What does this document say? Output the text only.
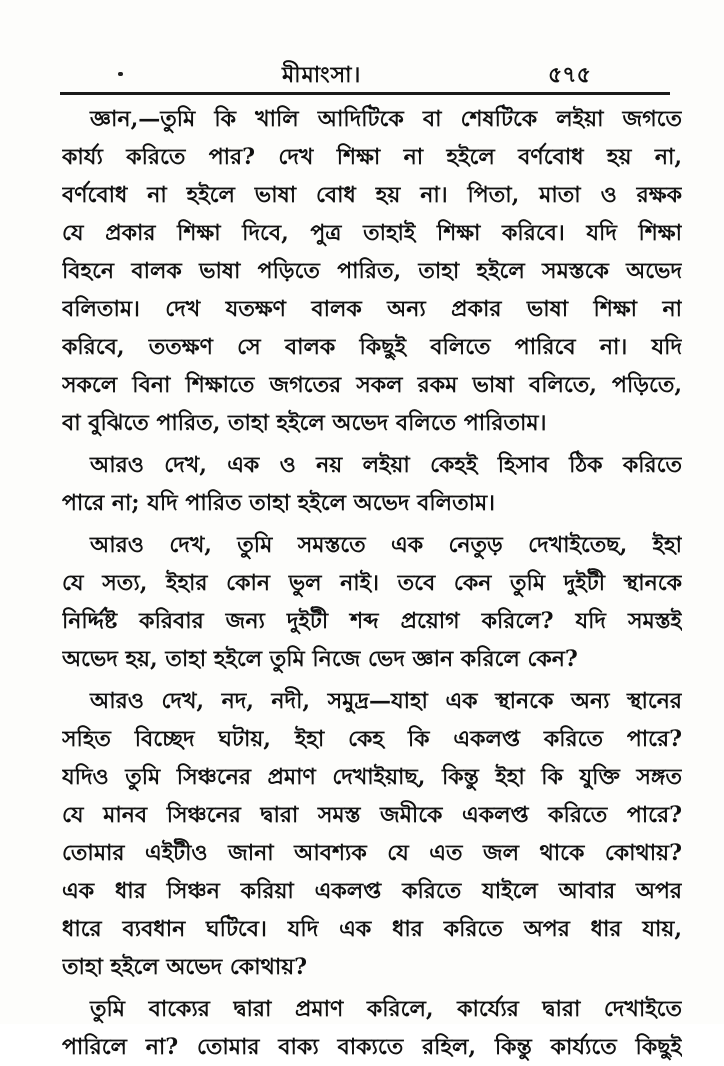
মীমাংসা।	৫৭৫
জ্ঞান,—তুমি কি খালি আদিটিকে বা শেষটিকে লইয়া জগতে
কার্য্য করিতে পার? দেখ শিক্ষা না হইলে বর্ণবোধ হয় না,
বর্ণবোধ না হইলে ভাষা বোধ হয় না। পিতা, মাতা ও রক্ষক
যে প্রকার শিক্ষা দিবে, পুত্র তাহাই শিক্ষা করিবে। যদি শিক্ষা
বিহনে বালক ভাষা পড়িতে পারিত, তাহা হইলে সমস্তকে অভেদ
বলিতাম। দেখ যতক্ষণ বালক অন্য প্রকার ভাষা শিক্ষা না
করিবে, ততক্ষণ সে বালক কিছুই বলিতে পারিবে না। যদি
সকলে বিনা শিক্ষাতে জগতের সকল রকম ভাষা বলিতে, পড়িতে,
বা বুঝিতে পারিত, তাহা হইলে অভেদ বলিতে পারিতাম।
আরও দেখ, এক ও নয় লইয়া কেহই হিসাব ঠিক করিতে
পারে না; যদি পারিত তাহা হইলে অভেদ বলিতাম।
আরও দেখ, তুমি সমস্ততে এক নেতুড় দেখাইতেছ, ইহা
যে সত্য, ইহার কোন ভুল নাই। তবে কেন তুমি দুইটী স্থানকে
নির্দ্দিষ্ট করিবার জন্য দুইটী শব্দ প্রয়োগ করিলে? যদি সমস্তই
অভেদ হয়, তাহা হইলে তুমি নিজে ভেদ জ্ঞান করিলে কেন?
আরও দেখ, নদ, নদী, সমুদ্র—যাহা এক স্থানকে অন্য স্থানের
সহিত বিচ্ছেদ ঘটায়, ইহা কেহ কি একলপ্ত করিতে পারে?
যদিও তুমি সিঞ্চনের প্রমাণ দেখাইয়াছ, কিন্তু ইহা কি যুক্তি সঙ্গত
যে মানব সিঞ্চনের দ্বারা সমস্ত জমীকে একলপ্ত করিতে পারে?
তোমার এইটীও জানা আবশ্যক যে এত জল থাকে কোথায়?
এক ধার সিঞ্চন করিয়া একলপ্ত করিতে যাইলে আবার অপর
ধারে ব্যবধান ঘটিবে। যদি এক ধার করিতে অপর ধার যায়,
তাহা হইলে অভেদ কোথায়?
তুমি বাক্যের দ্বারা প্রমাণ করিলে, কার্য্যের দ্বারা দেখাইতে
পারিলে না? তোমার বাক্য বাক্যতে রহিল, কিন্তু কার্য্যতে কিছুই
